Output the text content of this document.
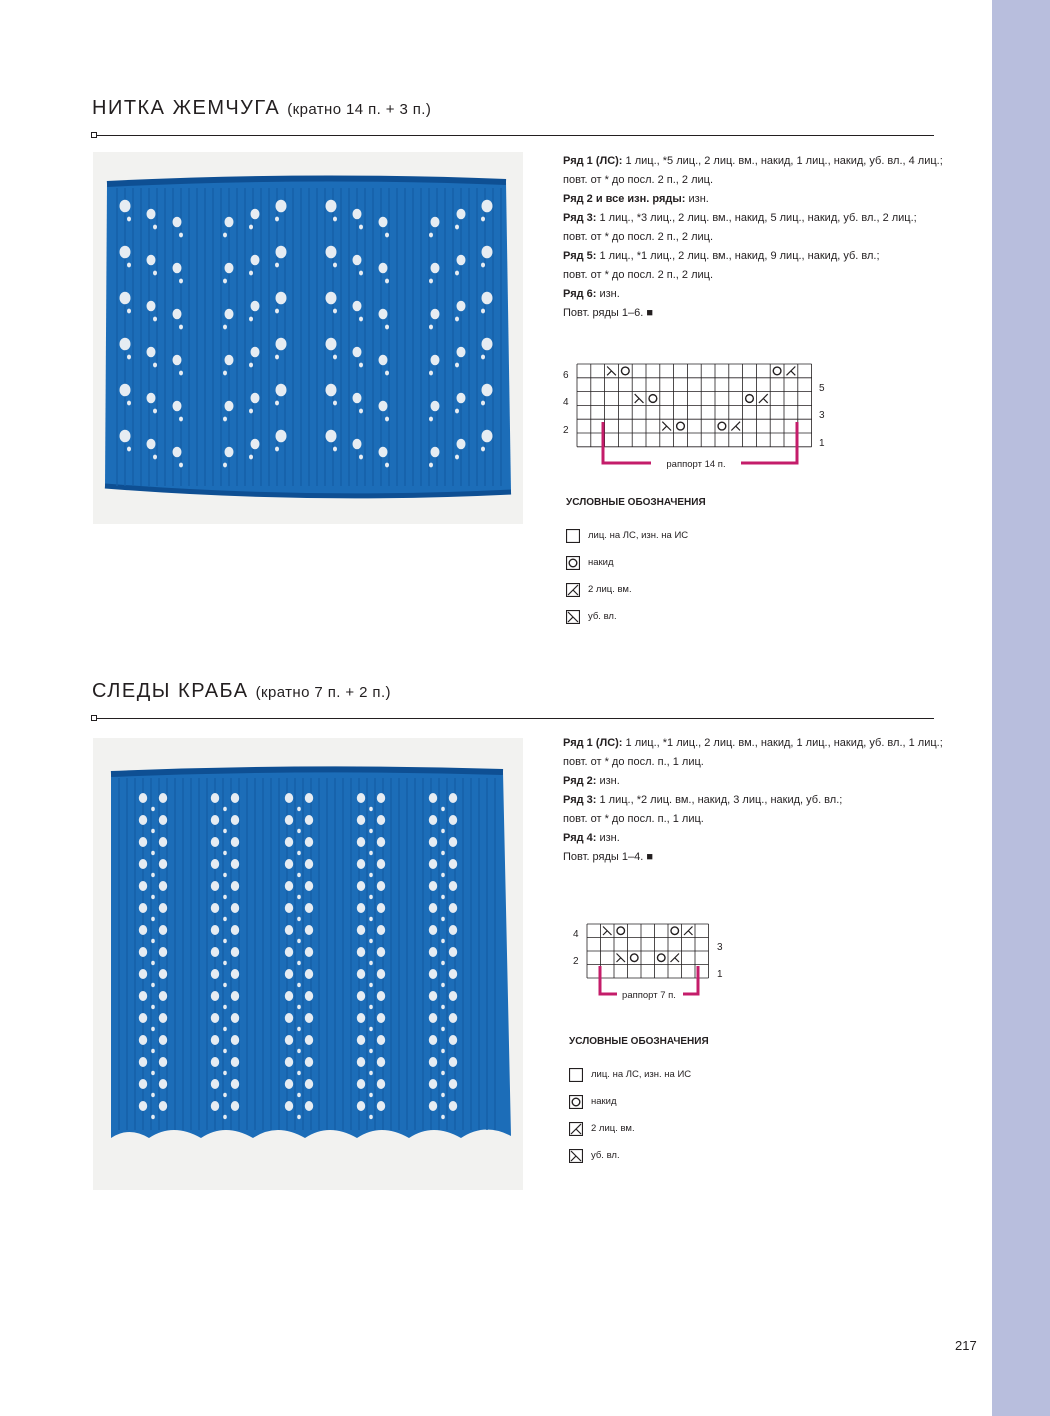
НИТКА ЖЕМЧУГА (кратно 14 п. + 3 п.)

Ряд 1 (ЛС): 1 лиц., *5 лиц., 2 лиц. вм., накид, 1 лиц., накид, уб. вл., 4 лиц.;

повт. от * до посл. 2 п., 2 лиц.

Ряд 2 и все изн. ряды: изн.

Ряд 3: 1 лиц., *3 лиц., 2 лиц. вм., накид, 5 лиц., накид, уб. вл., 2 лиц.;

повт. от * до посл. 2 п., 2 лиц.

Ряд 5: 1 лиц., *1 лиц., 2 лиц. вм., накид, 9 лиц., накид, уб. вл.;

повт. от * до посл. 2 п., 2 лиц.

Ряд 6: изн.

Повт. ряды 1–6. ■

6
4
2
5
3
1
раппорт 14 п.

УСЛОВНЫЕ ОБОЗНАЧЕНИЯ

лиц. на ЛС, изн. на ИС
накид
2 лиц. вм.
уб. вл.
СЛЕДЫ КРАБА (кратно 7 п. + 2 п.)

Ряд 1 (ЛС): 1 лиц., *1 лиц., 2 лиц. вм., накид, 1 лиц., накид, уб. вл., 1 лиц.;

повт. от * до посл. п., 1 лиц.

Ряд 2: изн.

Ряд 3: 1 лиц., *2 лиц. вм., накид, 3 лиц., накид, уб. вл.;

повт. от * до посл. п., 1 лиц.

Ряд 4: изн.

Повт. ряды 1–4. ■

4
2
3
1
раппорт 7 п.

УСЛОВНЫЕ ОБОЗНАЧЕНИЯ

лиц. на ЛС, изн. на ИС
накид
2 лиц. вм.
уб. вл.
217
